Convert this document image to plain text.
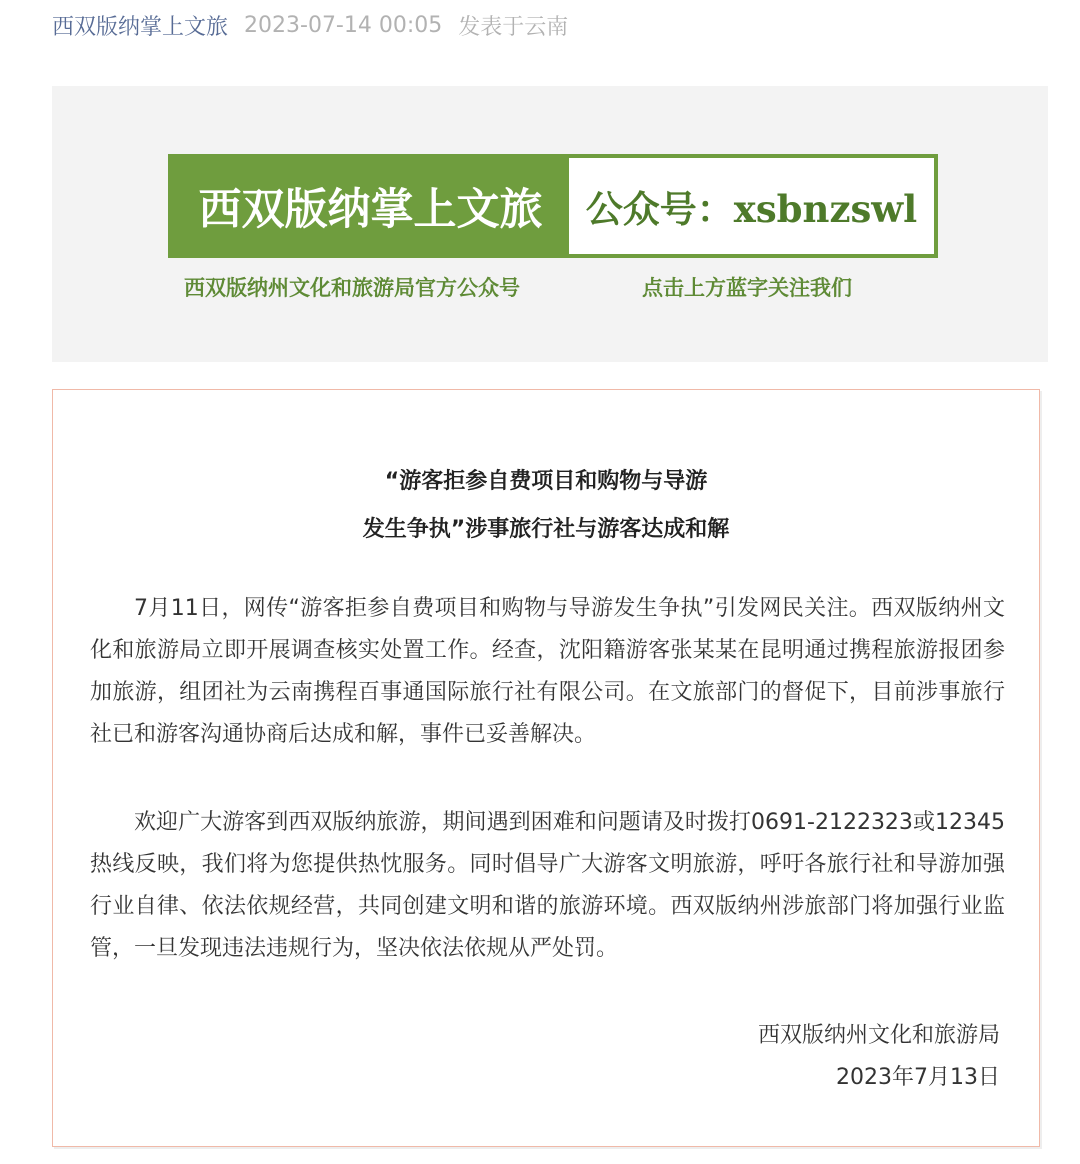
西双版纳掌上文旅 2023-07-14 00:05 发表于云南
西双版纳掌上文旅	公众号：xsbnzswl
西双版纳州文化和旅游局官方公众号	点击上方蓝字关注我们
“游客拒参自费项目和购物与导游
发生争执”涉事旅行社与游客达成和解
7月11日，网传“游客拒参自费项目和购物与导游发生争执”引发网民关注。西双版纳州文化和旅游局立即开展调查核实处置工作。经查，沈阳籍游客张某某在昆明通过携程旅游报团参加旅游，组团社为云南携程百事通国际旅行社有限公司。在文旅部门的督促下，目前涉事旅行社已和游客沟通协商后达成和解，事件已妥善解决。
欢迎广大游客到西双版纳旅游，期间遇到困难和问题请及时拨打0691-2122323或12345热线反映，我们将为您提供热忱服务。同时倡导广大游客文明旅游，呼吁各旅行社和导游加强行业自律、依法依规经营，共同创建文明和谐的旅游环境。西双版纳州涉旅部门将加强行业监管，一旦发现违法违规行为，坚决依法依规从严处罚。
西双版纳州文化和旅游局
2023年7月13日
